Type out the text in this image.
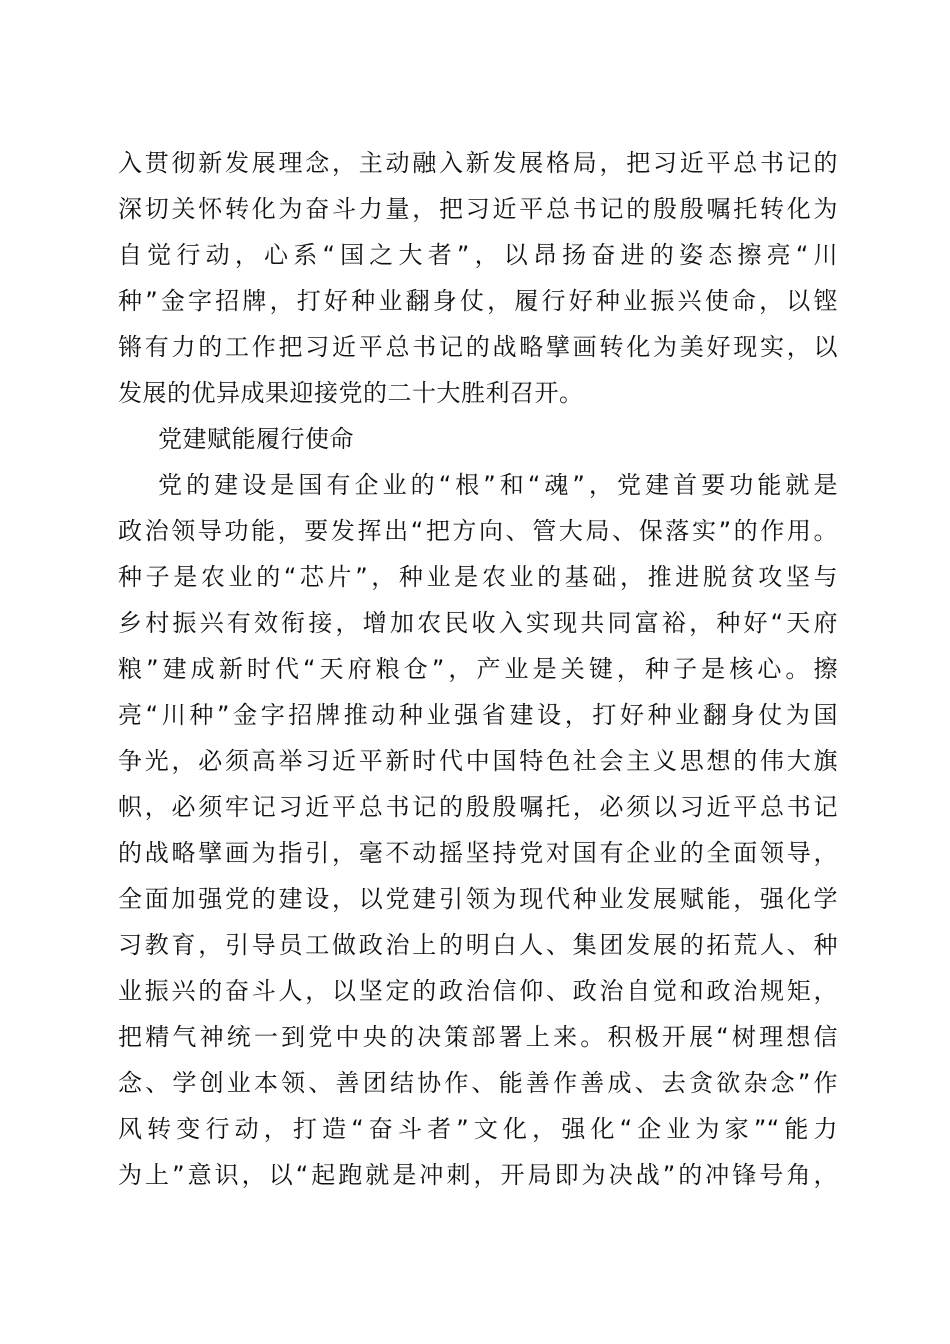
入贯彻新发展理念，主动融入新发展格局，把习近平总书记的
深切关怀转化为奋斗力量，把习近平总书记的殷殷嘱托转化为
自觉行动，心系“国之大者”，以昂扬奋进的姿态擦亮“川
种”金字招牌，打好种业翻身仗，履行好种业振兴使命，以铿
锵有力的工作把习近平总书记的战略擘画转化为美好现实，以
发展的优异成果迎接党的二十大胜利召开。
党建赋能履行使命
党的建设是国有企业的“根”和“魂”，党建首要功能就是
政治领导功能，要发挥出“把方向、管大局、保落实”的作用。
种子是农业的“芯片”，种业是农业的基础，推进脱贫攻坚与
乡村振兴有效衔接，增加农民收入实现共同富裕，种好“天府
粮”建成新时代“天府粮仓”，产业是关键，种子是核心。擦
亮“川种”金字招牌推动种业强省建设，打好种业翻身仗为国
争光，必须高举习近平新时代中国特色社会主义思想的伟大旗
帜，必须牢记习近平总书记的殷殷嘱托，必须以习近平总书记
的战略擘画为指引，毫不动摇坚持党对国有企业的全面领导，
全面加强党的建设，以党建引领为现代种业发展赋能，强化学
习教育，引导员工做政治上的明白人、集团发展的拓荒人、种
业振兴的奋斗人，以坚定的政治信仰、政治自觉和政治规矩，
把精气神统一到党中央的决策部署上来。积极开展“树理想信
念、学创业本领、善团结协作、能善作善成、去贪欲杂念”作
风转变行动，打造“奋斗者”文化，强化“企业为家”“能力
为上”意识，以“起跑就是冲刺，开局即为决战”的冲锋号角，
